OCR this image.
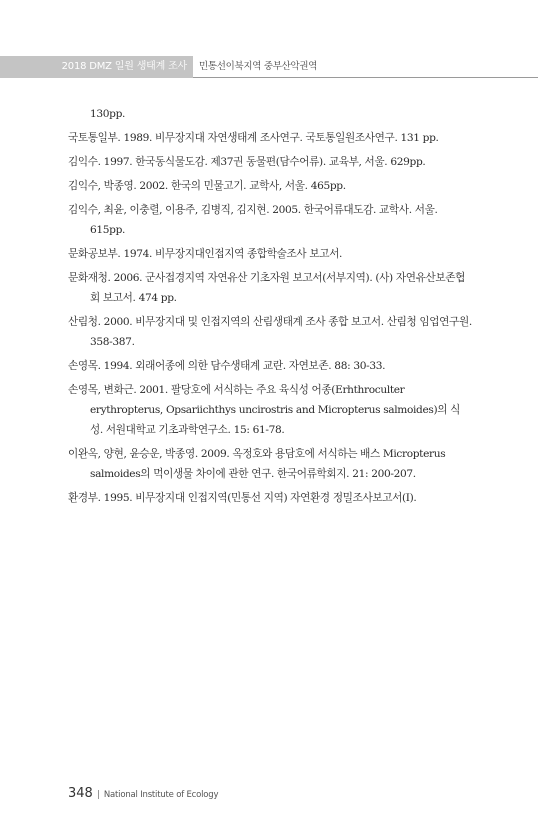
2018 DMZ 일원 생태계 조사	민통선이북지역 중부산악권역
130pp.
국토통일부. 1989. 비무장지대 자연생태계 조사연구. 국토통일원조사연구. 131 pp.
김익수. 1997. 한국동식물도감. 제37권 동물편(담수어류). 교육부, 서울. 629pp.
김익수, 박종영. 2002. 한국의 민물고기. 교학사, 서울. 465pp.
김익수, 최윤, 이충렬, 이용주, 김병직, 김지현. 2005. 한국어류대도감. 교학사. 서울. 615pp.
문화공보부. 1974. 비무장지대인접지역 종합학술조사 보고서.
문화재청. 2006. 군사접경지역 자연유산 기초자원 보고서(서부지역). (사) 자연유산보존협회 보고서. 474 pp.
산림청. 2000. 비무장지대 및 인접지역의 산림생태계 조사 종합 보고서. 산림청 임업연구원. 358-387.
손영목. 1994. 외래어종에 의한 담수생태계 교란. 자연보존. 88: 30-33.
손영목, 변화근. 2001. 팔당호에 서식하는 주요 육식성 어종(Erhthroculter erythropterus, Opsariichthys uncirostris and Micropterus salmoides)의 식성. 서원대학교 기초과학연구소. 15: 61-78.
이완옥, 양현, 윤승운, 박종영. 2009. 옥정호와 용담호에 서식하는 배스 Micropterus salmoides의 먹이생물 차이에 관한 연구. 한국어류학회지. 21: 200-207.
환경부. 1995. 비무장지대 인접지역(민통선 지역) 자연환경 정밀조사보고서(I).
348 | National Institute of Ecology
